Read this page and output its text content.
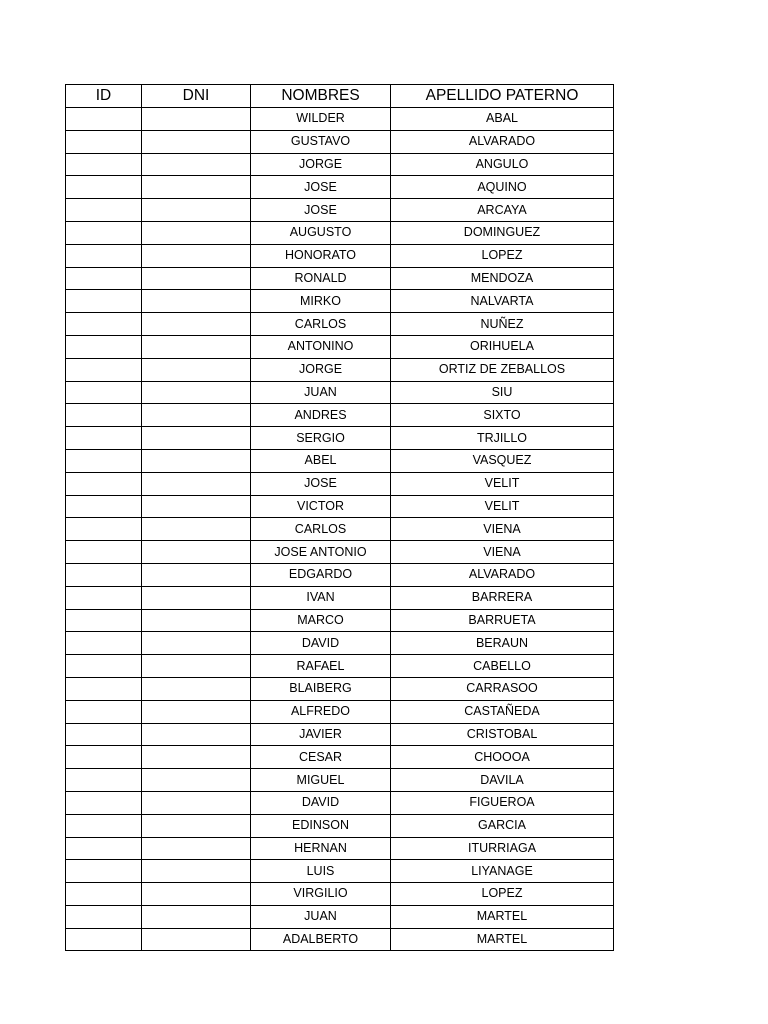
ID	DNI	NOMBRES	APELLIDO PATERNO
		WILDER	ABAL
		GUSTAVO	ALVARADO
		JORGE	ANGULO
		JOSE	AQUINO
		JOSE	ARCAYA
		AUGUSTO	DOMINGUEZ
		HONORATO	LOPEZ
		RONALD	MENDOZA
		MIRKO	NALVARTA
		CARLOS	NUÑEZ
		ANTONINO	ORIHUELA
		JORGE	ORTIZ DE ZEBALLOS
		JUAN	SIU
		ANDRES	SIXTO
		SERGIO	TRJILLO
		ABEL	VASQUEZ
		JOSE	VELIT
		VICTOR	VELIT
		CARLOS	VIENA
		JOSE ANTONIO	VIENA
		EDGARDO	ALVARADO
		IVAN	BARRERA
		MARCO	BARRUETA
		DAVID	BERAUN
		RAFAEL	CABELLO
		BLAIBERG	CARRASOO
		ALFREDO	CASTAÑEDA
		JAVIER	CRISTOBAL
		CESAR	CHOOOA
		MIGUEL	DAVILA
		DAVID	FIGUEROA
		EDINSON	GARCIA
		HERNAN	ITURRIAGA
		LUIS	LIYANAGE
		VIRGILIO	LOPEZ
		JUAN	MARTEL
		ADALBERTO	MARTEL
